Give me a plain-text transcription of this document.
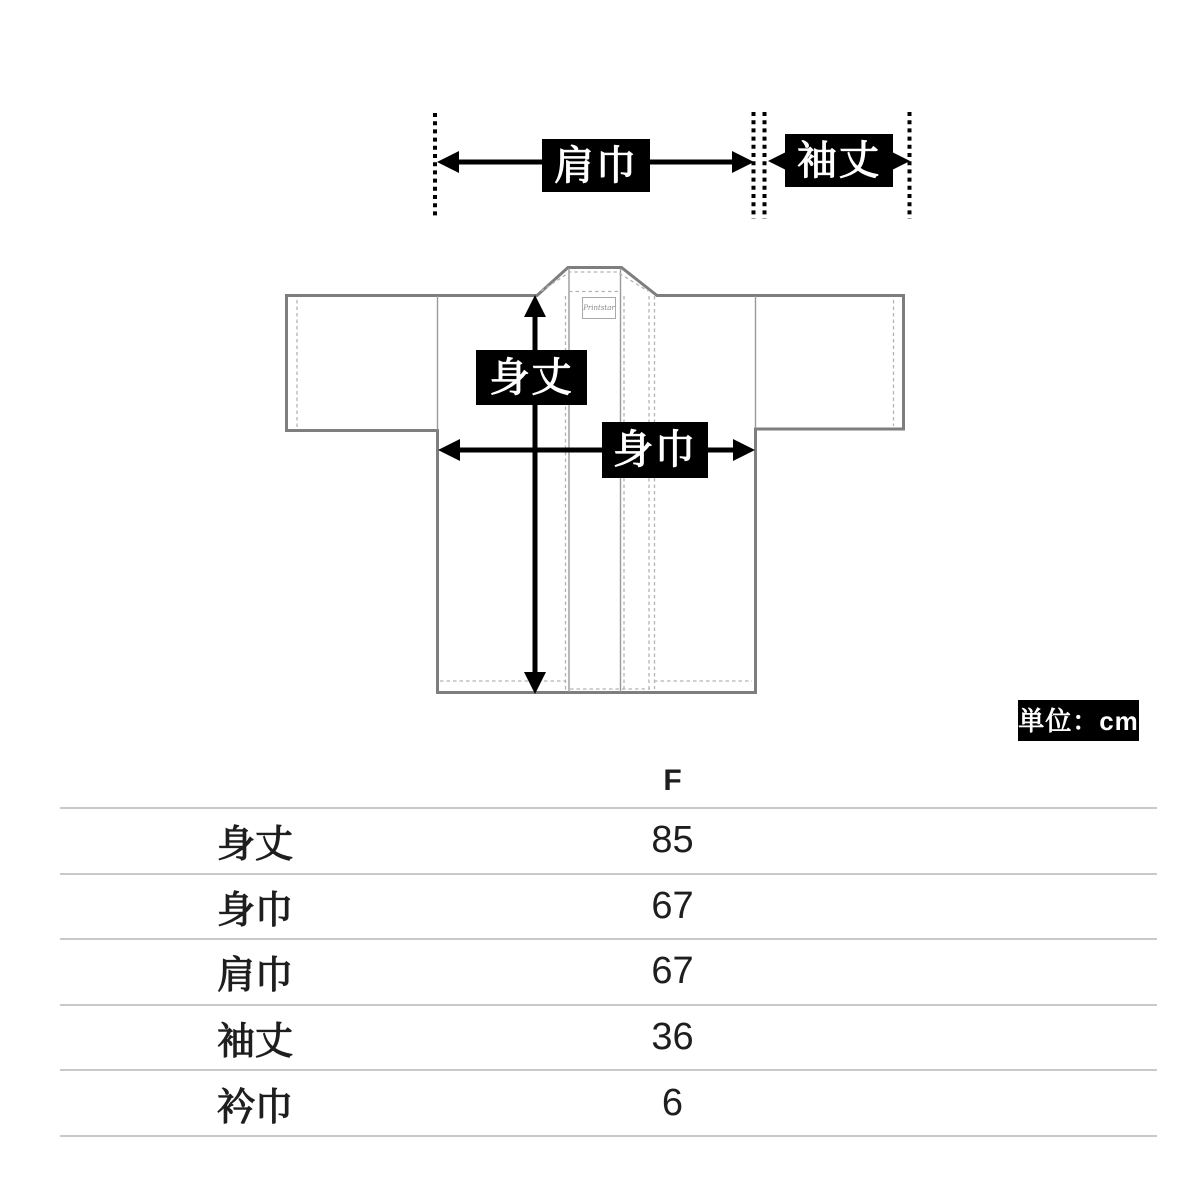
肩巾	袖丈
身丈
身巾
Printstar
単位：cm
F
身丈	85
身巾	67
肩巾	67
袖丈	36
衿巾	6
